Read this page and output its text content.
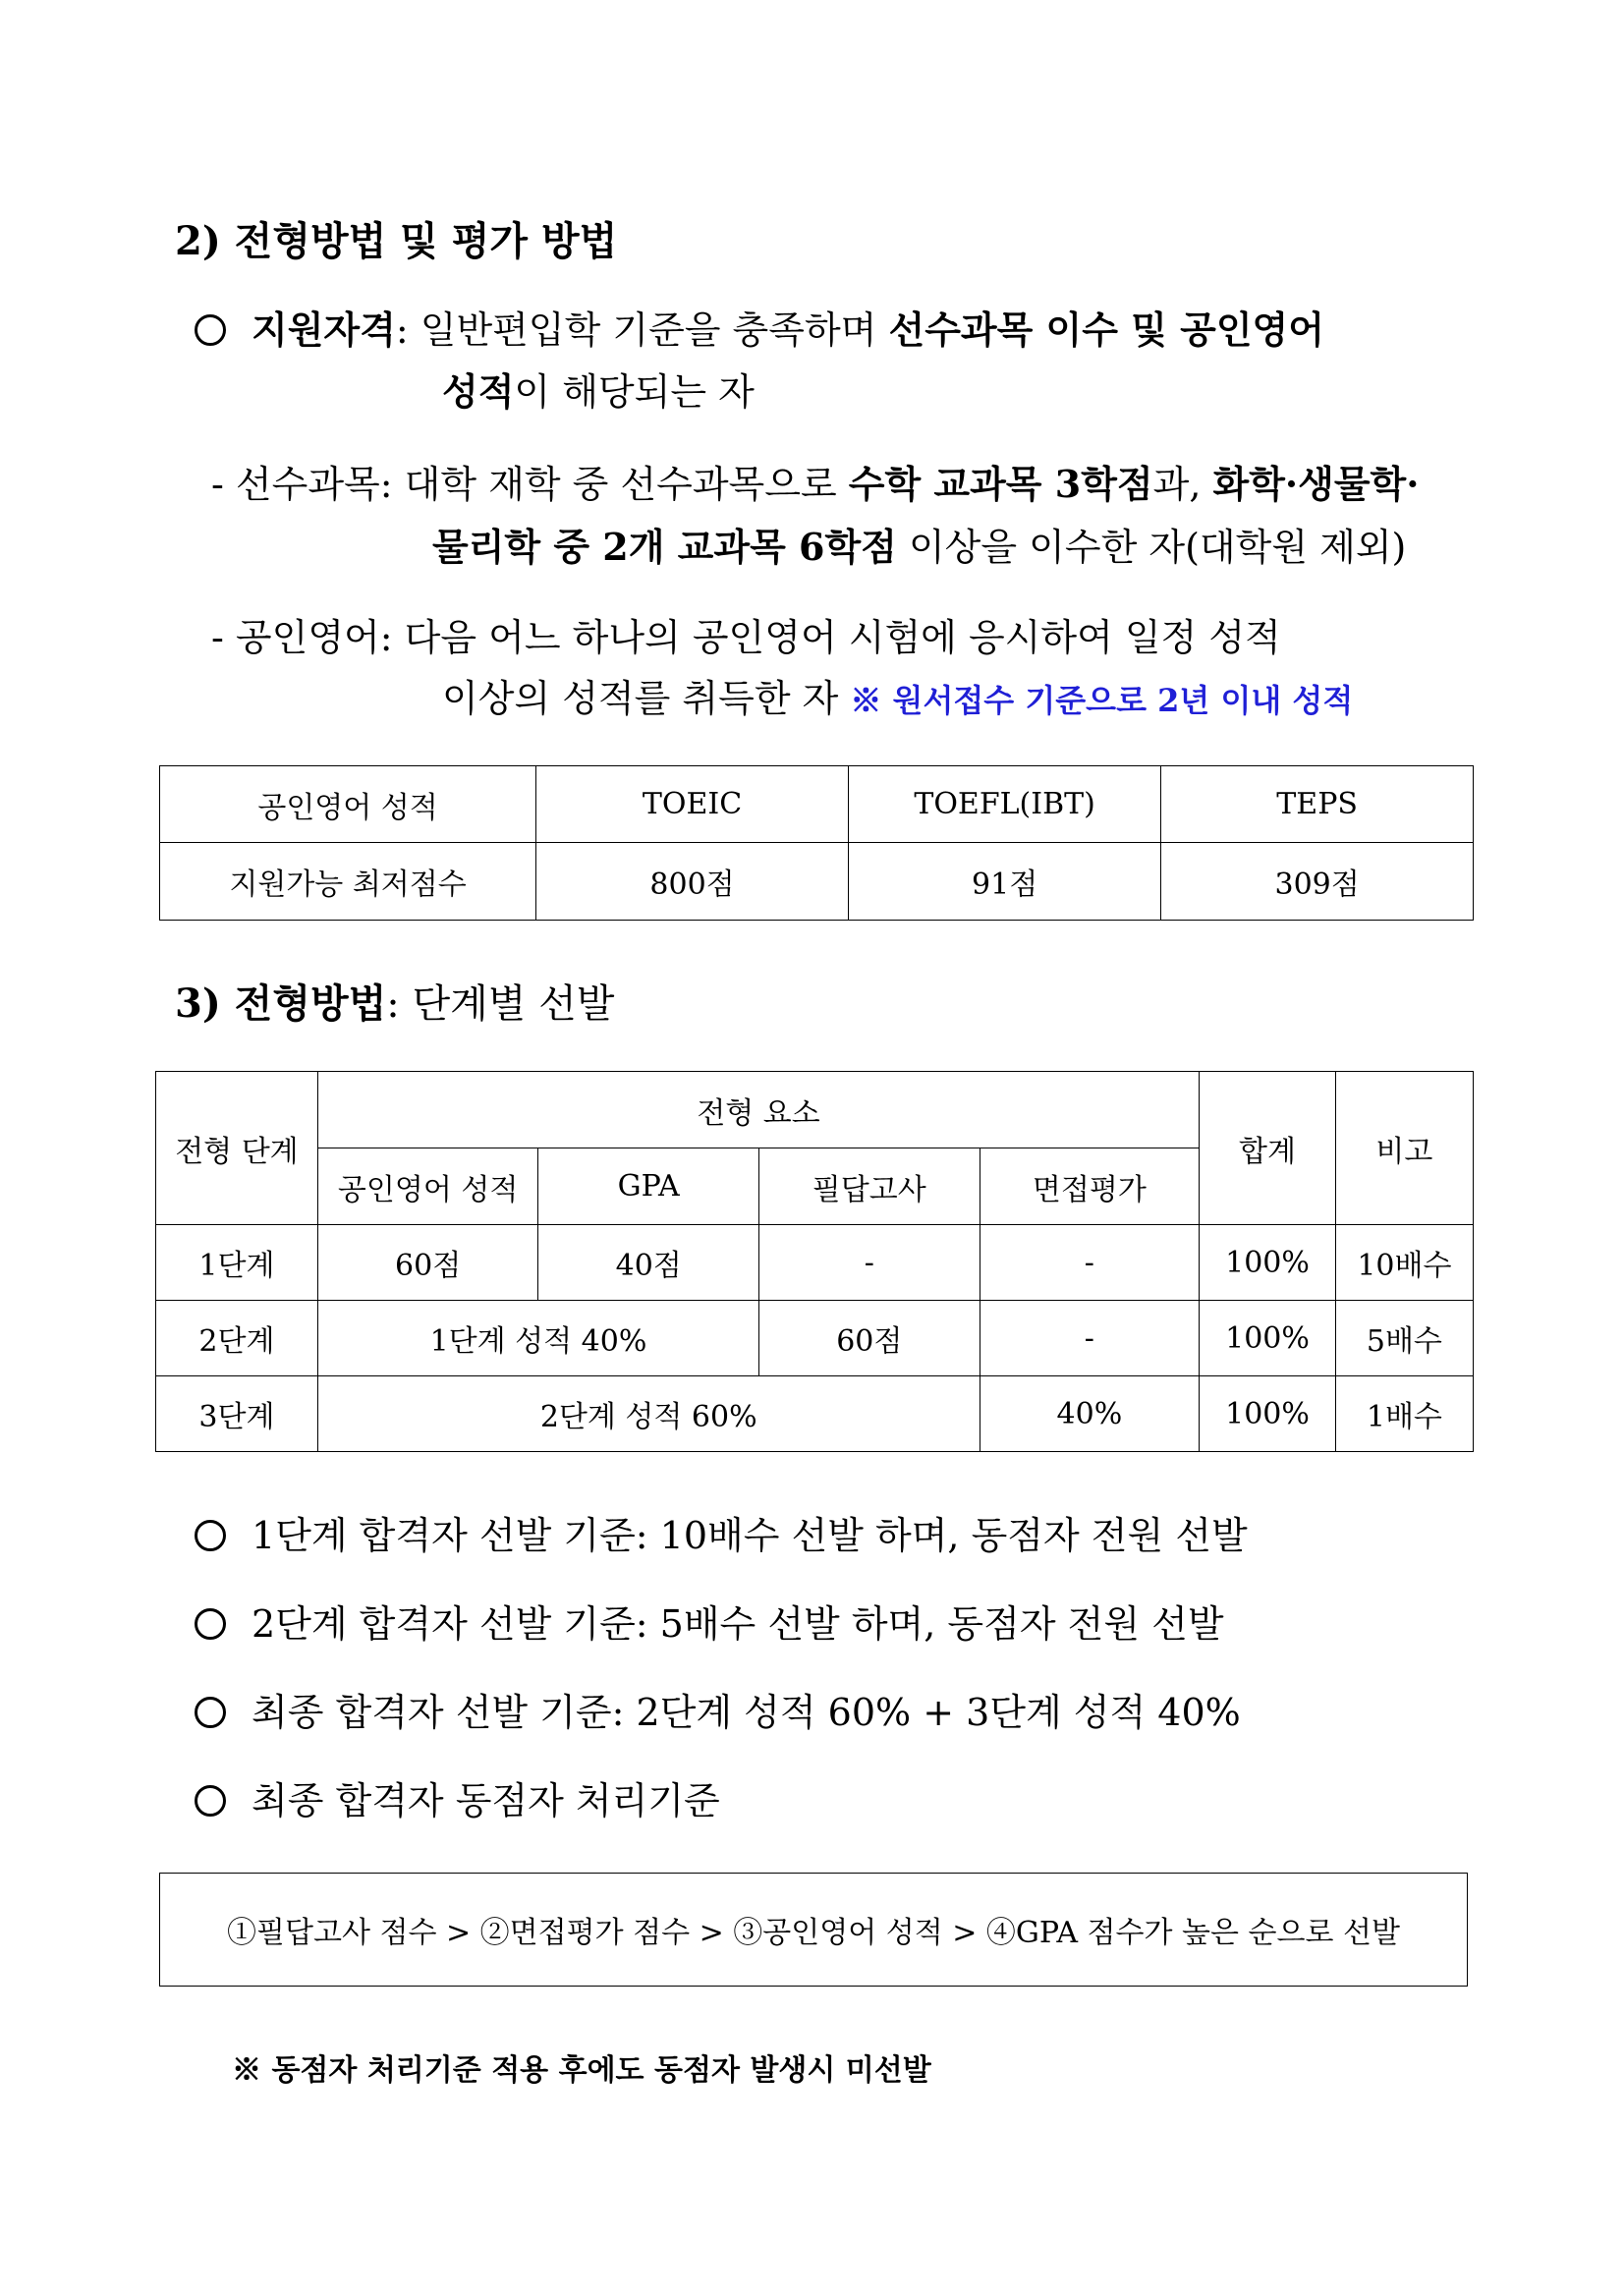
2) 전형방법 및 평가 방법
지원자격: 일반편입학 기준을 충족하며 선수과목 이수 및 공인영어
성적이 해당되는 자
- 선수과목: 대학 재학 중 선수과목으로 수학 교과목 3학점과, 화학·생물학·
물리학 중 2개 교과목 6학점 이상을 이수한 자(대학원 제외)
- 공인영어: 다음 어느 하나의 공인영어 시험에 응시하여 일정 성적
이상의 성적를 취득한 자 ※ 원서접수 기준으로 2년 이내 성적
공인영어 성적	TOEIC	TOEFL(IBT)	TEPS
지원가능 최저점수	800점	91점	309점
3) 전형방법: 단계별 선발
전형 단계	전형 요소				합계	비고
	공인영어 성적	GPA	필답고사	면접평가		
1단계	60점	40점	-	-	100%	10배수
2단계	1단계 성적 40%		60점	-	100%	5배수
3단계	2단계 성적 60%			40%	100%	1배수
1단계 합격자 선발 기준: 10배수 선발 하며, 동점자 전원 선발
2단계 합격자 선발 기준: 5배수 선발 하며, 동점자 전원 선발
최종 합격자 선발 기준: 2단계 성적 60% + 3단계 성적 40%
최종 합격자 동점자 처리기준
①필답고사 점수 > ②면접평가 점수 > ③공인영어 성적 > ④GPA 점수가 높은 순으로 선발
※ 동점자 처리기준 적용 후에도 동점자 발생시 미선발
